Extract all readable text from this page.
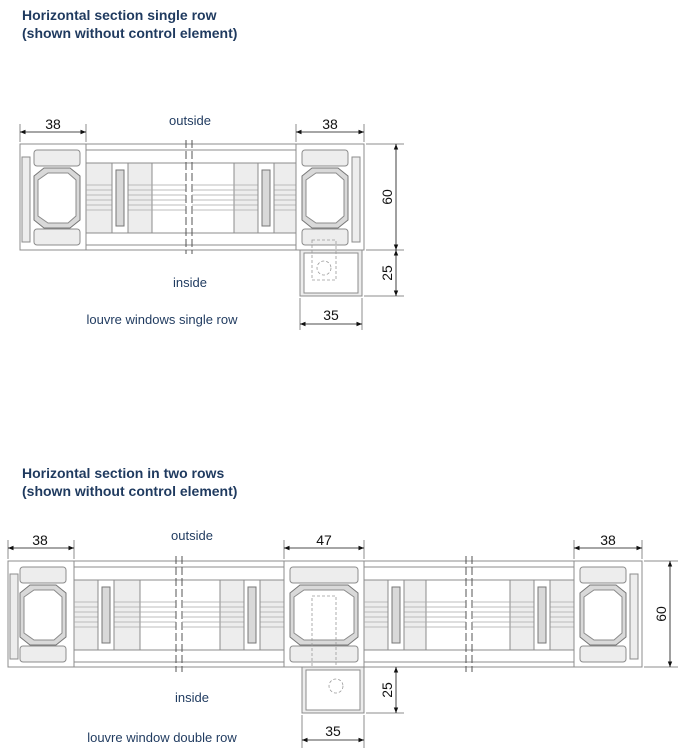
Horizontal section single row
(shown without control element)
Horizontal section in two rows
(shown without control element)
outside
inside
louvre windows single row
38	38
60
25
35
outside
inside
louvre window double row
38	47	38
60
25
35
